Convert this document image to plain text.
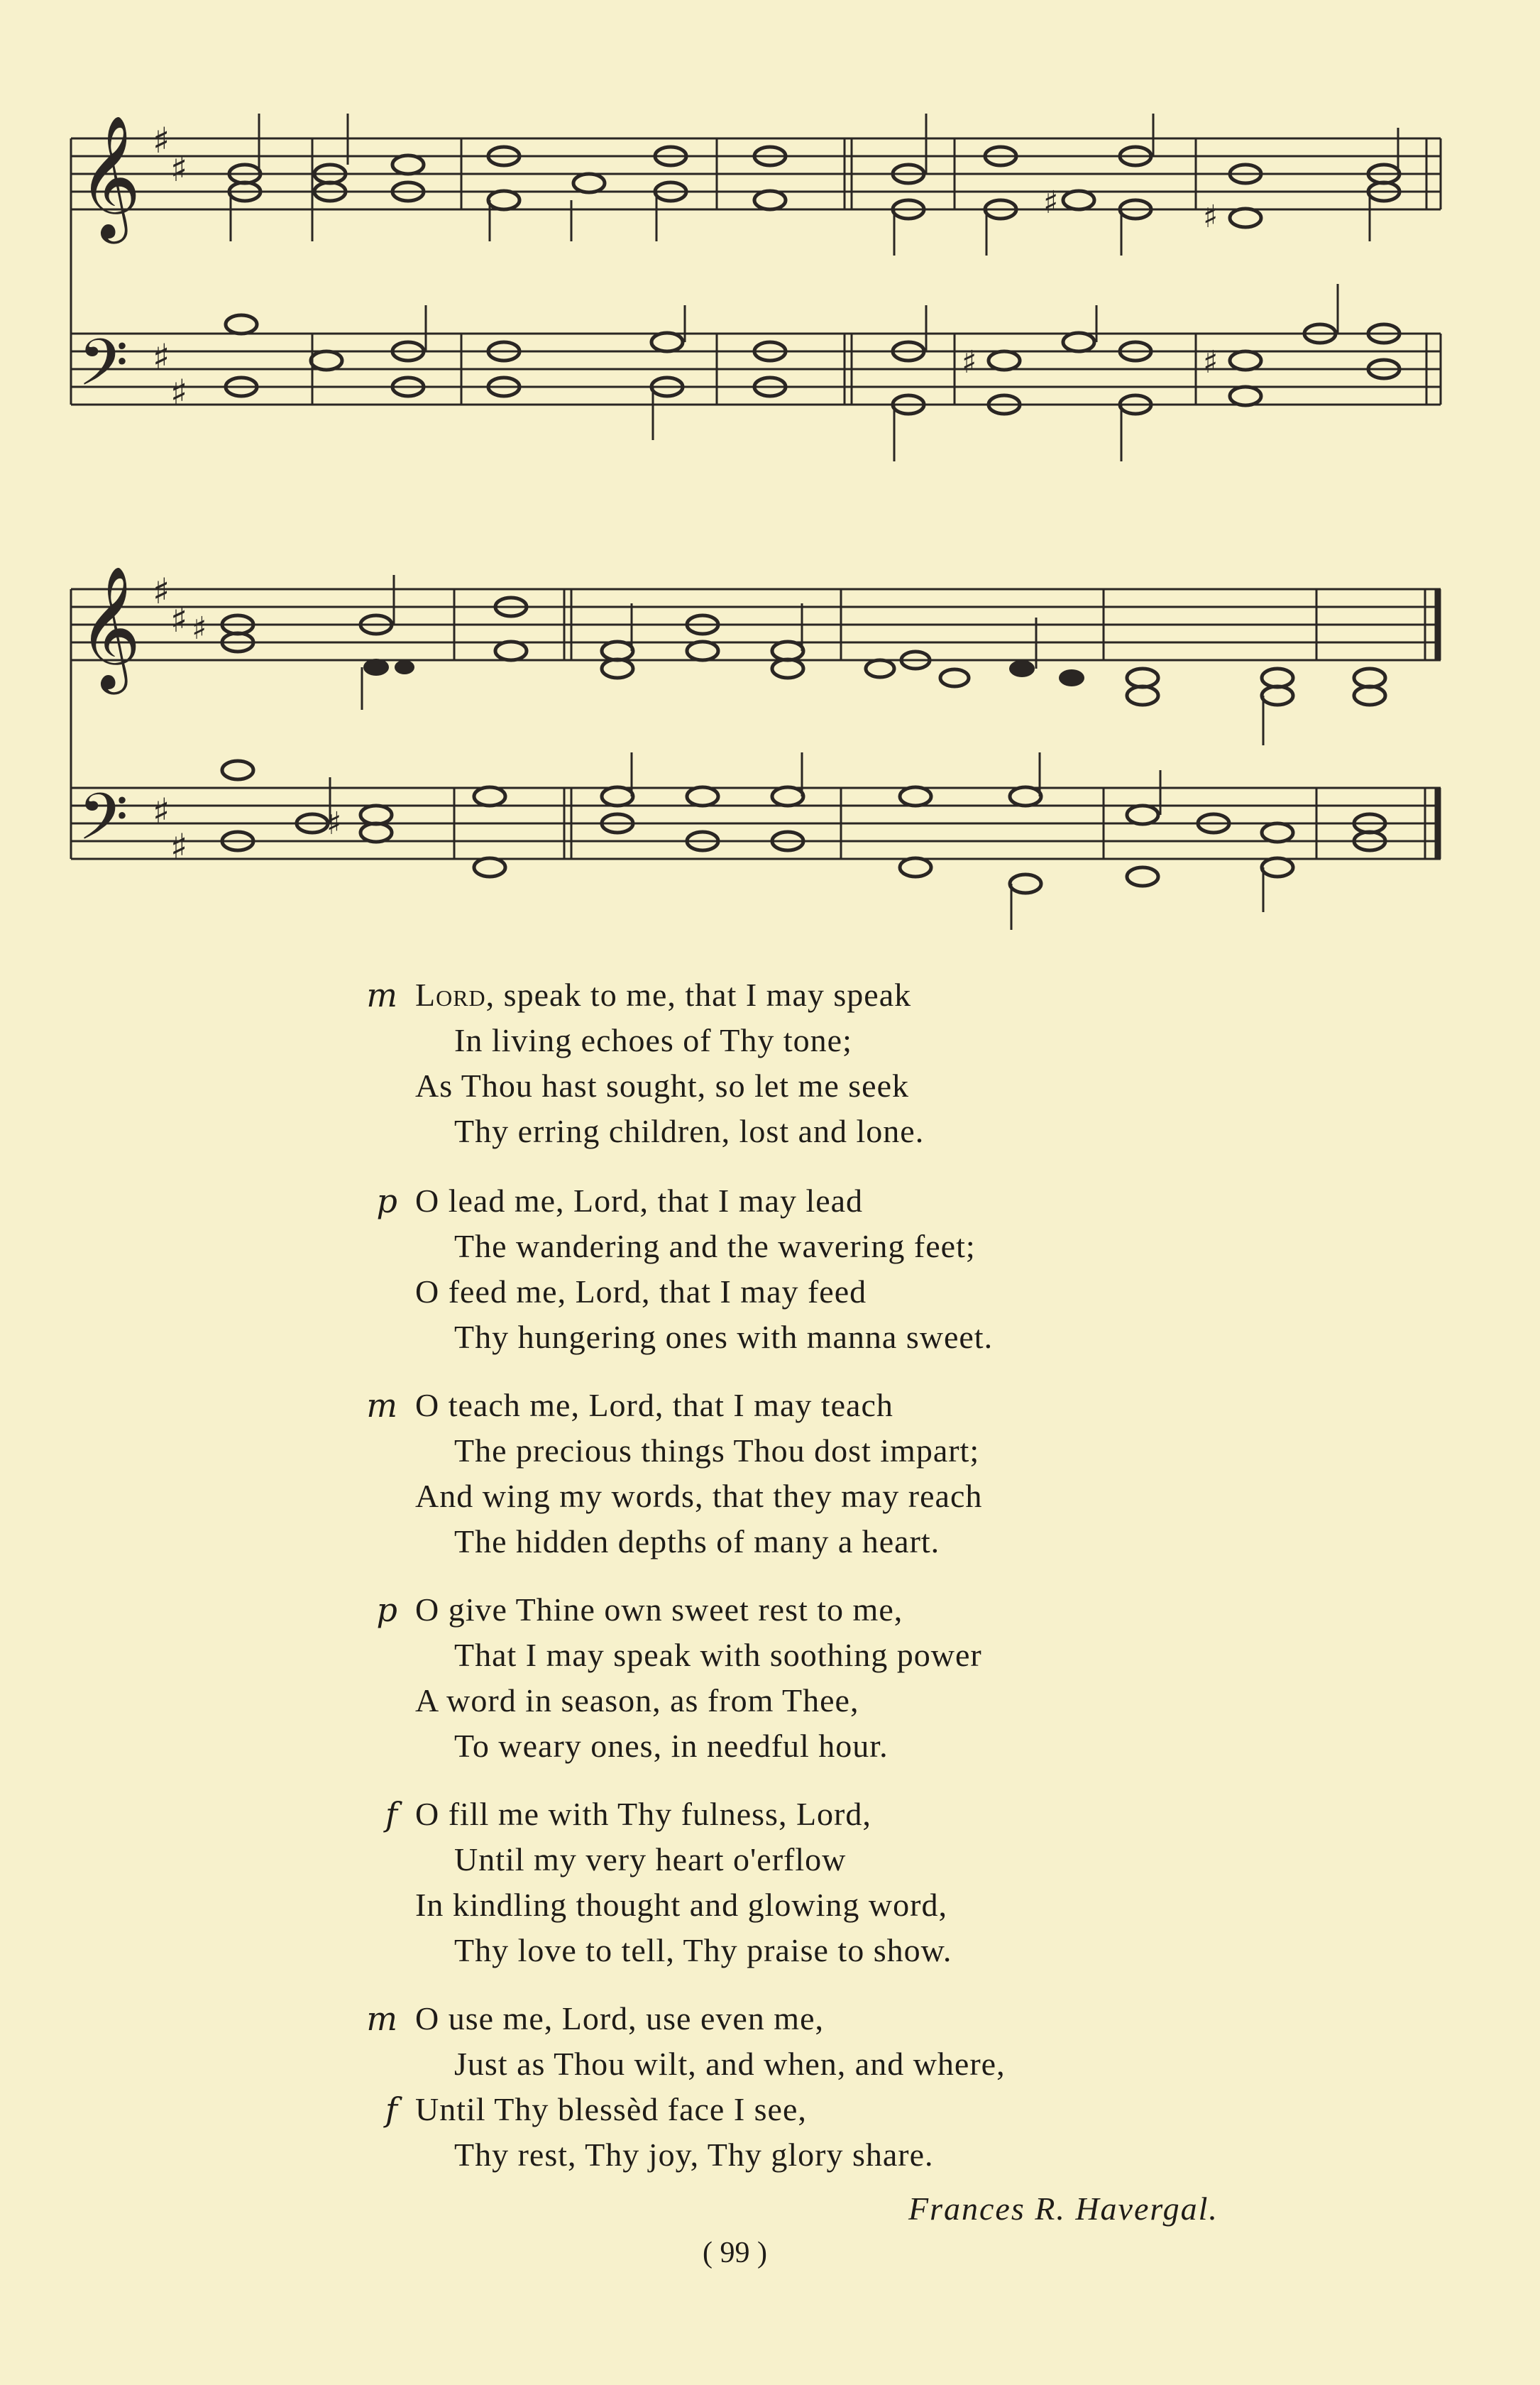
𝄞
𝄢
♯
♯
♯
♯
♯	♯
♯	♯
𝄞
𝄢
♯
♯
♯
♯
♯
♯
m Lord, speak to me, that I may speak
In living echoes of Thy tone;
As Thou hast sought, so let me seek
Thy erring children, lost and lone.
p O lead me, Lord, that I may lead
The wandering and the wavering feet;
O feed me, Lord, that I may feed
Thy hungering ones with manna sweet.
m O teach me, Lord, that I may teach
The precious things Thou dost impart;
And wing my words, that they may reach
The hidden depths of many a heart.
p O give Thine own sweet rest to me,
That I may speak with soothing power
A word in season, as from Thee,
To weary ones, in needful hour.
f O fill me with Thy fulness, Lord,
Until my very heart o'erflow
In kindling thought and glowing word,
Thy love to tell, Thy praise to show.
m O use me, Lord, use even me,
Just as Thou wilt, and when, and where,
f Until Thy blessèd face I see,
Thy rest, Thy joy, Thy glory share.
Frances R. Havergal.
( 99 )
